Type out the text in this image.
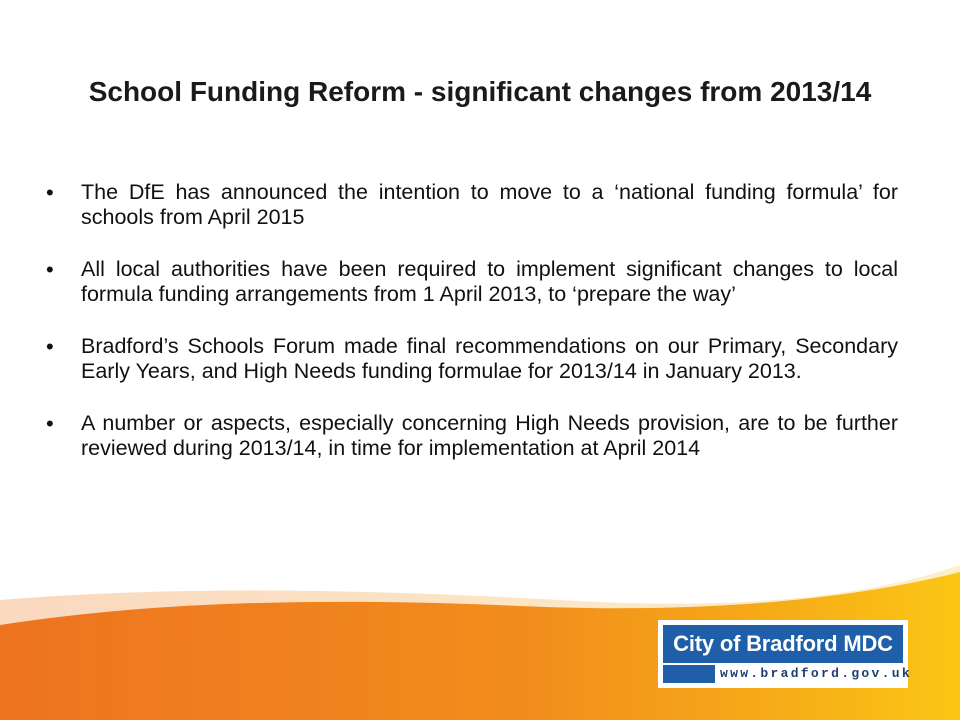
School Funding Reform - significant changes from 2013/14
• The DfE has announced the intention to move to a ‘national funding formula’ for schools from April 2015
• All local authorities have been required to implement significant changes to local formula funding arrangements from 1 April 2013, to ‘prepare the way’
• Bradford’s Schools Forum made final recommendations on our Primary, Secondary Early Years, and High Needs funding formulae for 2013/14 in January 2013.
• A number or aspects, especially concerning High Needs provision, are to be further reviewed during 2013/14, in time for implementation at April 2014
City of Bradford MDC
www.bradford.gov.uk
